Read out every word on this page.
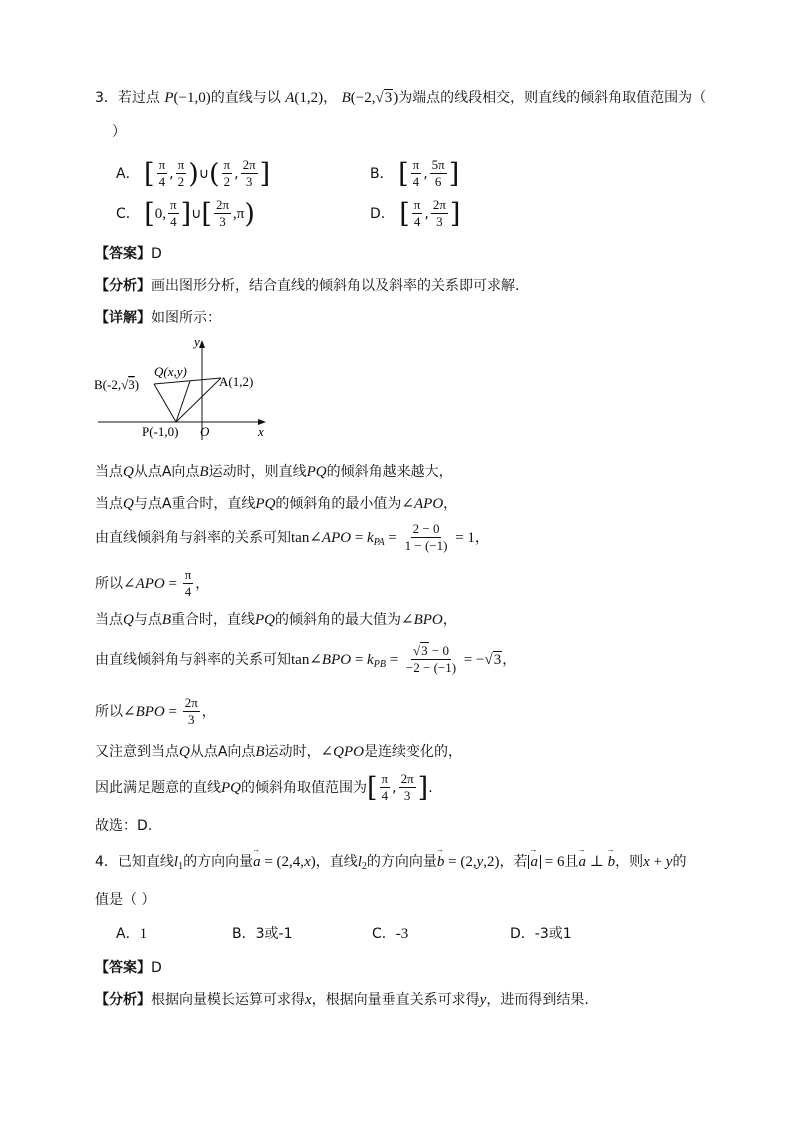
3．若过点 P(−1,0)的直线与以 A(1,2)， B(−2,√3)为端点的线段相交，则直线的倾斜角取值范围为（
）
A． [ $\frac{\pi}{4}$ , $\frac{\pi}{2}$ )∪( $\frac{\pi}{2}$ , $\frac{2\pi}{3}$ ]	B． [ $\frac{\pi}{4}$ , $\frac{5\pi}{6}$ ]
C． [0, $\frac{\pi}{4}$ ]∪[ $\frac{2\pi}{3} ,\pi$)	D． [ $\frac{\pi}{4}$ , $\frac{2\pi}{3}$ ]
【答案】D
【分析】画出图形分析，结合直线的倾斜角以及斜率的关系即可求解.
【详解】如图所示：
y
x
O
Q(x,y)
A(1,2)
B(-2,√3)
P(-1,0)
当点Q从点A向点B运动时，则直线PQ的倾斜角越来越大，
当点Q与点A重合时，直线PQ的倾斜角的最小值为∠APO，
由直线倾斜角与斜率的关系可知tan∠APO = $k_{PA} = \frac{2 - 0}{1 - (-1)} = 1$，
所以∠APO = $\frac{\pi}{4}$ ，
当点Q与点B重合时，直线PQ的倾斜角的最大值为∠BPO，
由直线倾斜角与斜率的关系可知tan∠BPO = $k_{PB} = \frac{√3 - 0}{-2 - (-1)} = -√3$，
所以∠BPO = $\frac{2\pi}{3}$ ，
又注意到当点Q从点A向点B运动时，∠QPO是连续变化的，
因此满足题意的直线PQ的倾斜角取值范围为[ $\frac{\pi}{4}$ , $\frac{2\pi}{3}$ ].
故选：D.
4．已知直线$l_1$的方向向量a → = (2,4,x)，直线$l_2$的方向向量b → = (2,y,2)，若 a → = 6且a → ⊥ b →，则x + y的
值是（ ）
A．1	B．3或-1	C．-3	D．-3或1
【答案】D
【分析】根据向量模长运算可求得x，根据向量垂直关系可求得y，进而得到结果.
